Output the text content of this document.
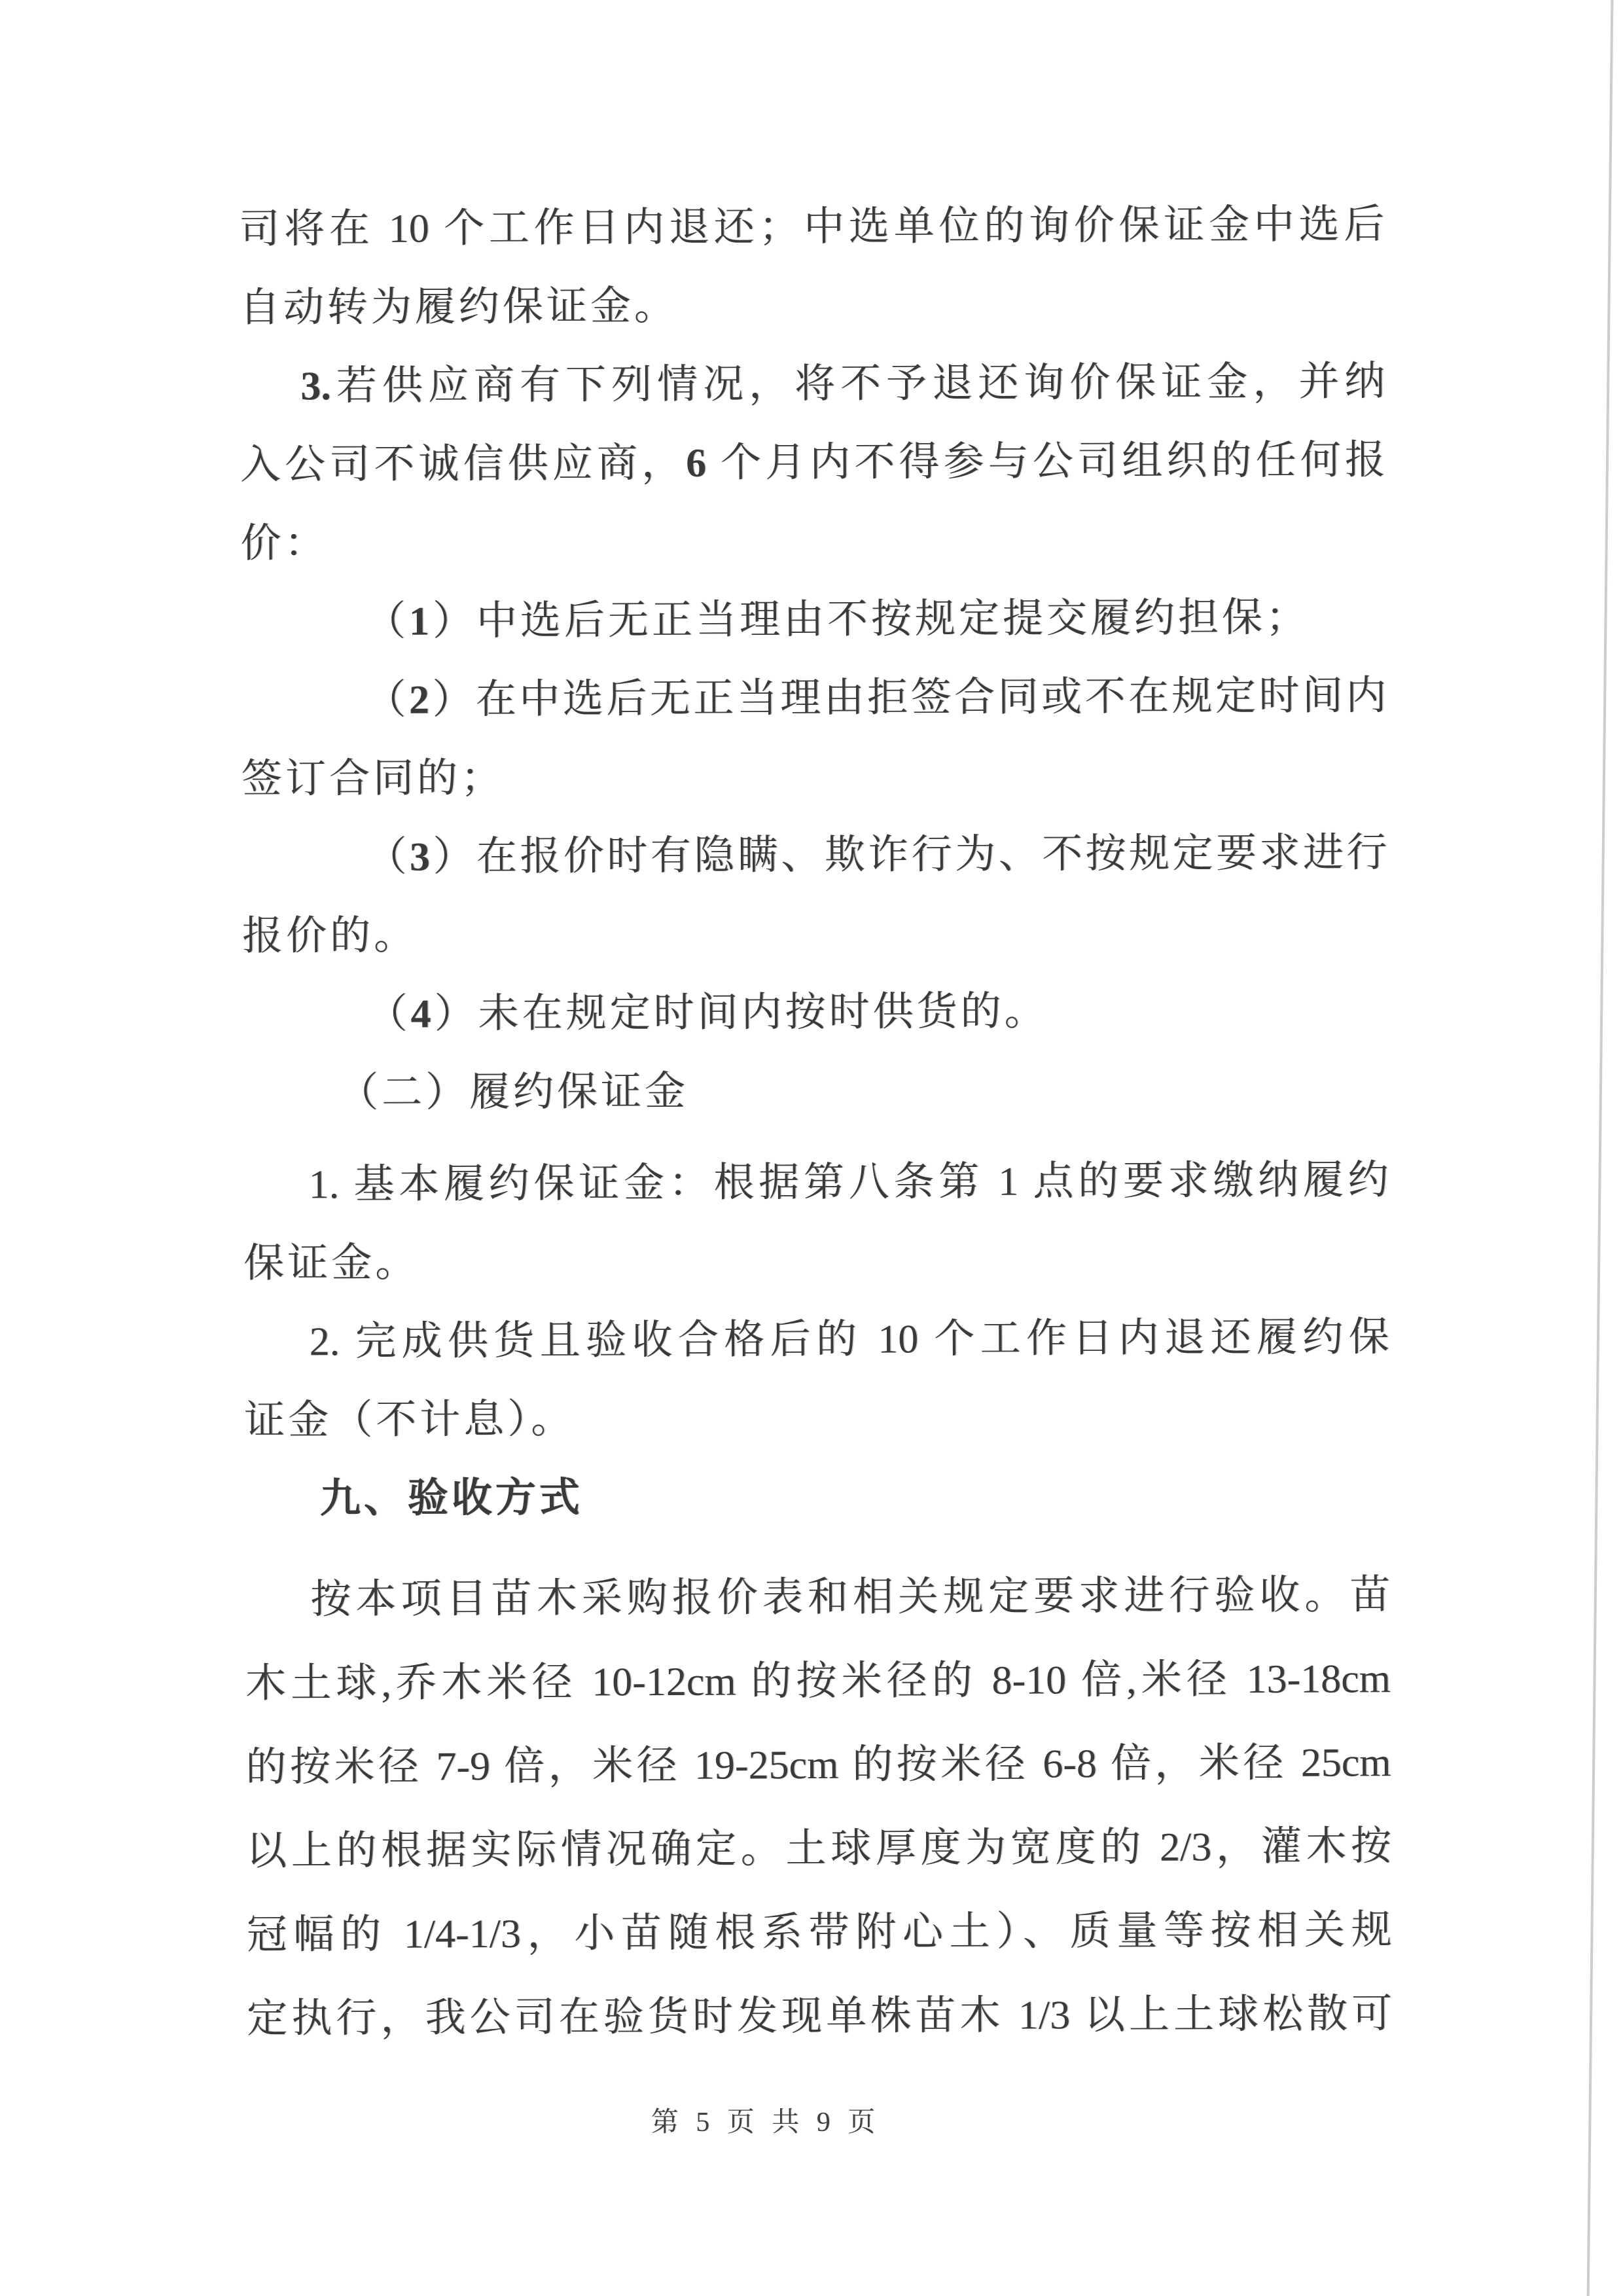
司将在 10 个工作日内退还；中选单位的询价保证金中选后
自动转为履约保证金。
3.若供应商有下列情况，将不予退还询价保证金，并纳
入公司不诚信供应商，6 个月内不得参与公司组织的任何报
价：
（1）中选后无正当理由不按规定提交履约担保；
（2）在中选后无正当理由拒签合同或不在规定时间内
签订合同的；
（3）在报价时有隐瞒、欺诈行为、不按规定要求进行
报价的。
（4）未在规定时间内按时供货的。
（二）履约保证金
1. 基本履约保证金：根据第八条第 1 点的要求缴纳履约
保证金。
2. 完成供货且验收合格后的 10 个工作日内退还履约保
证金（不计息）。
九、验收方式
按本项目苗木采购报价表和相关规定要求进行验收。苗
木土球,乔木米径 10-12cm 的按米径的 8-10 倍,米径 13-18cm
的按米径 7-9 倍，米径 19-25cm 的按米径 6-8 倍，米径 25cm
以上的根据实际情况确定。土球厚度为宽度的 2/3，灌木按
冠幅的 1/4-1/3，小苗随根系带附心土）、质量等按相关规
定执行，我公司在验货时发现单株苗木 1/3 以上土球松散可
第 5 页 共 9 页
